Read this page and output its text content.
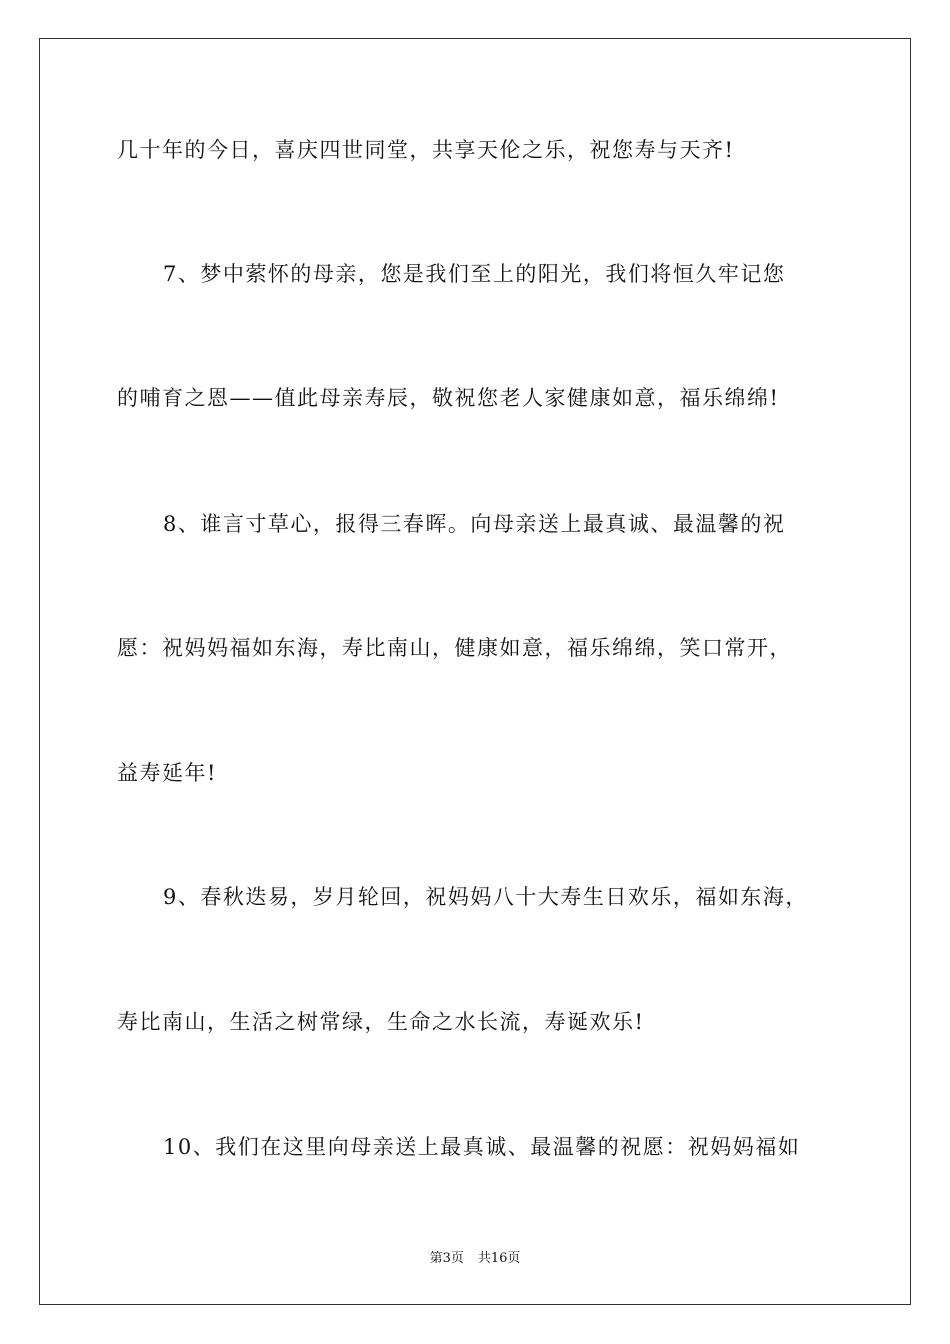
几十年的今日，喜庆四世同堂，共享天伦之乐，祝您寿与天齐!
7、梦中萦怀的母亲，您是我们至上的阳光，我们将恒久牢记您
的哺育之恩——值此母亲寿辰，敬祝您老人家健康如意，福乐绵绵!
8、谁言寸草心，报得三春晖。向母亲送上最真诚、最温馨的祝
愿：祝妈妈福如东海，寿比南山，健康如意，福乐绵绵，笑口常开，
益寿延年!
9、春秋迭易，岁月轮回，祝妈妈八十大寿生日欢乐，福如东海，
寿比南山，生活之树常绿，生命之水长流，寿诞欢乐!
10、我们在这里向母亲送上最真诚、最温馨的祝愿：祝妈妈福如
第3页 共16页
